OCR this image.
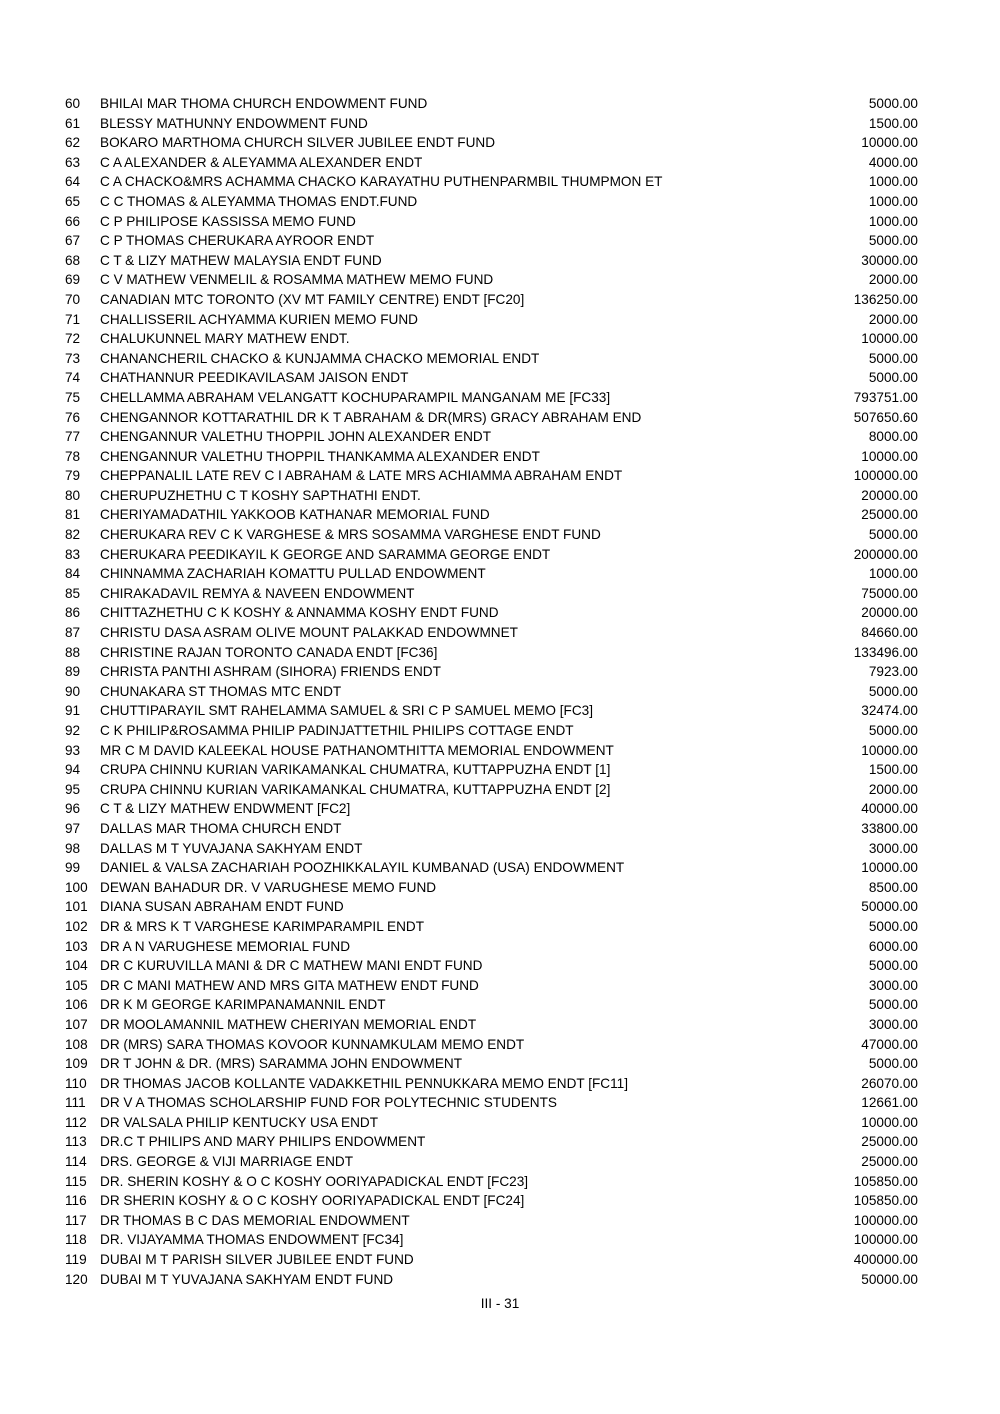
60	BHILAI MAR THOMA CHURCH ENDOWMENT FUND	5000.00
61	BLESSY MATHUNNY ENDOWMENT FUND	1500.00
62	BOKARO MARTHOMA CHURCH SILVER JUBILEE ENDT FUND	10000.00
63	C A ALEXANDER & ALEYAMMA ALEXANDER ENDT	4000.00
64	C A CHACKO&MRS ACHAMMA CHACKO KARAYATHU PUTHENPARMBIL THUMPMON ET	1000.00
65	C C THOMAS & ALEYAMMA THOMAS ENDT.FUND	1000.00
66	C P PHILIPOSE KASSISSA MEMO FUND	1000.00
67	C P THOMAS CHERUKARA AYROOR ENDT	5000.00
68	C T & LIZY MATHEW MALAYSIA ENDT FUND	30000.00
69	C V MATHEW VENMELIL & ROSAMMA MATHEW MEMO FUND	2000.00
70	CANADIAN MTC TORONTO (XV MT FAMILY CENTRE) ENDT [FC20]	136250.00
71	CHALLISSERIL ACHYAMMA KURIEN MEMO FUND	2000.00
72	CHALUKUNNEL MARY MATHEW ENDT.	10000.00
73	CHANANCHERIL CHACKO & KUNJAMMA CHACKO MEMORIAL ENDT	5000.00
74	CHATHANNUR PEEDIKAVILASAM JAISON ENDT	5000.00
75	CHELLAMMA ABRAHAM VELANGATT KOCHUPARAMPIL MANGANAM ME [FC33]	793751.00
76	CHENGANNOR KOTTARATHIL DR K T ABRAHAM & DR(MRS) GRACY ABRAHAM END	507650.60
77	CHENGANNUR VALETHU THOPPIL JOHN ALEXANDER ENDT	8000.00
78	CHENGANNUR VALETHU THOPPIL THANKAMMA ALEXANDER ENDT	10000.00
79	CHEPPANALIL LATE REV C I ABRAHAM & LATE MRS ACHIAMMA ABRAHAM ENDT	100000.00
80	CHERUPUZHETHU C T KOSHY SAPTHATHI ENDT.	20000.00
81	CHERIYAMADATHIL YAKKOOB KATHANAR MEMORIAL FUND	25000.00
82	CHERUKARA REV C K VARGHESE & MRS SOSAMMA VARGHESE ENDT FUND	5000.00
83	CHERUKARA PEEDIKAYIL K GEORGE AND SARAMMA GEORGE ENDT	200000.00
84	CHINNAMMA ZACHARIAH KOMATTU PULLAD ENDOWMENT	1000.00
85	CHIRAKADAVIL REMYA & NAVEEN ENDOWMENT	75000.00
86	CHITTAZHETHU C K KOSHY & ANNAMMA KOSHY ENDT FUND	20000.00
87	CHRISTU DASA ASRAM OLIVE MOUNT PALAKKAD ENDOWMNET	84660.00
88	CHRISTINE RAJAN TORONTO CANADA ENDT [FC36]	133496.00
89	CHRISTA PANTHI ASHRAM (SIHORA) FRIENDS ENDT	7923.00
90	CHUNAKARA ST THOMAS MTC ENDT	5000.00
91	CHUTTIPARAYIL SMT RAHELAMMA SAMUEL & SRI C P SAMUEL MEMO [FC3]	32474.00
92	C K PHILIP&ROSAMMA PHILIP PADINJATTETHIL PHILIPS COTTAGE ENDT	5000.00
93	MR C M DAVID KALEEKAL HOUSE PATHANOMTHITTA MEMORIAL ENDOWMENT	10000.00
94	CRUPA CHINNU KURIAN VARIKAMANKAL CHUMATRA, KUTTAPPUZHA ENDT [1]	1500.00
95	CRUPA CHINNU KURIAN VARIKAMANKAL CHUMATRA, KUTTAPPUZHA ENDT [2]	2000.00
96	C T & LIZY MATHEW ENDWMENT [FC2]	40000.00
97	DALLAS MAR THOMA CHURCH ENDT	33800.00
98	DALLAS M T YUVAJANA SAKHYAM ENDT	3000.00
99	DANIEL & VALSA ZACHARIAH POOZHIKKALAYIL KUMBANAD (USA) ENDOWMENT	10000.00
100 DEWAN BAHADUR DR. V VARUGHESE MEMO FUND	8500.00
101 DIANA SUSAN ABRAHAM ENDT FUND	50000.00
102 DR & MRS K T VARGHESE KARIMPARAMPIL ENDT	5000.00
103 DR A N VARUGHESE MEMORIAL FUND	6000.00
104 DR C KURUVILLA MANI & DR C MATHEW MANI ENDT FUND	5000.00
105 DR C MANI MATHEW AND MRS GITA MATHEW ENDT FUND	3000.00
106 DR K M GEORGE KARIMPANAMANNIL ENDT	5000.00
107 DR MOOLAMANNIL MATHEW CHERIYAN MEMORIAL ENDT	3000.00
108 DR (MRS) SARA THOMAS KOVOOR KUNNAMKULAM MEMO ENDT	47000.00
109 DR T JOHN & DR. (MRS) SARAMMA JOHN ENDOWMENT	5000.00
110 DR THOMAS JACOB KOLLANTE VADAKKETHIL PENNUKKARA MEMO ENDT [FC11]	26070.00
111	DR V A THOMAS SCHOLARSHIP FUND FOR POLYTECHNIC STUDENTS	12661.00
112 DR VALSALA PHILIP KENTUCKY USA ENDT	10000.00
113 DR.C T PHILIPS AND MARY PHILIPS ENDOWMENT	25000.00
114 DRS. GEORGE & VIJI MARRIAGE ENDT	25000.00
115 DR. SHERIN KOSHY & O C KOSHY OORIYAPADICKAL ENDT [FC23]	105850.00
116 DR SHERIN KOSHY & O C KOSHY OORIYAPADICKAL ENDT [FC24]	105850.00
117 DR THOMAS B C DAS MEMORIAL ENDOWMENT	100000.00
118 DR. VIJAYAMMA THOMAS ENDOWMENT [FC34]	100000.00
119 DUBAI M T PARISH SILVER JUBILEE ENDT FUND	400000.00
120 DUBAI M T YUVAJANA SAKHYAM ENDT FUND	50000.00
III - 31
